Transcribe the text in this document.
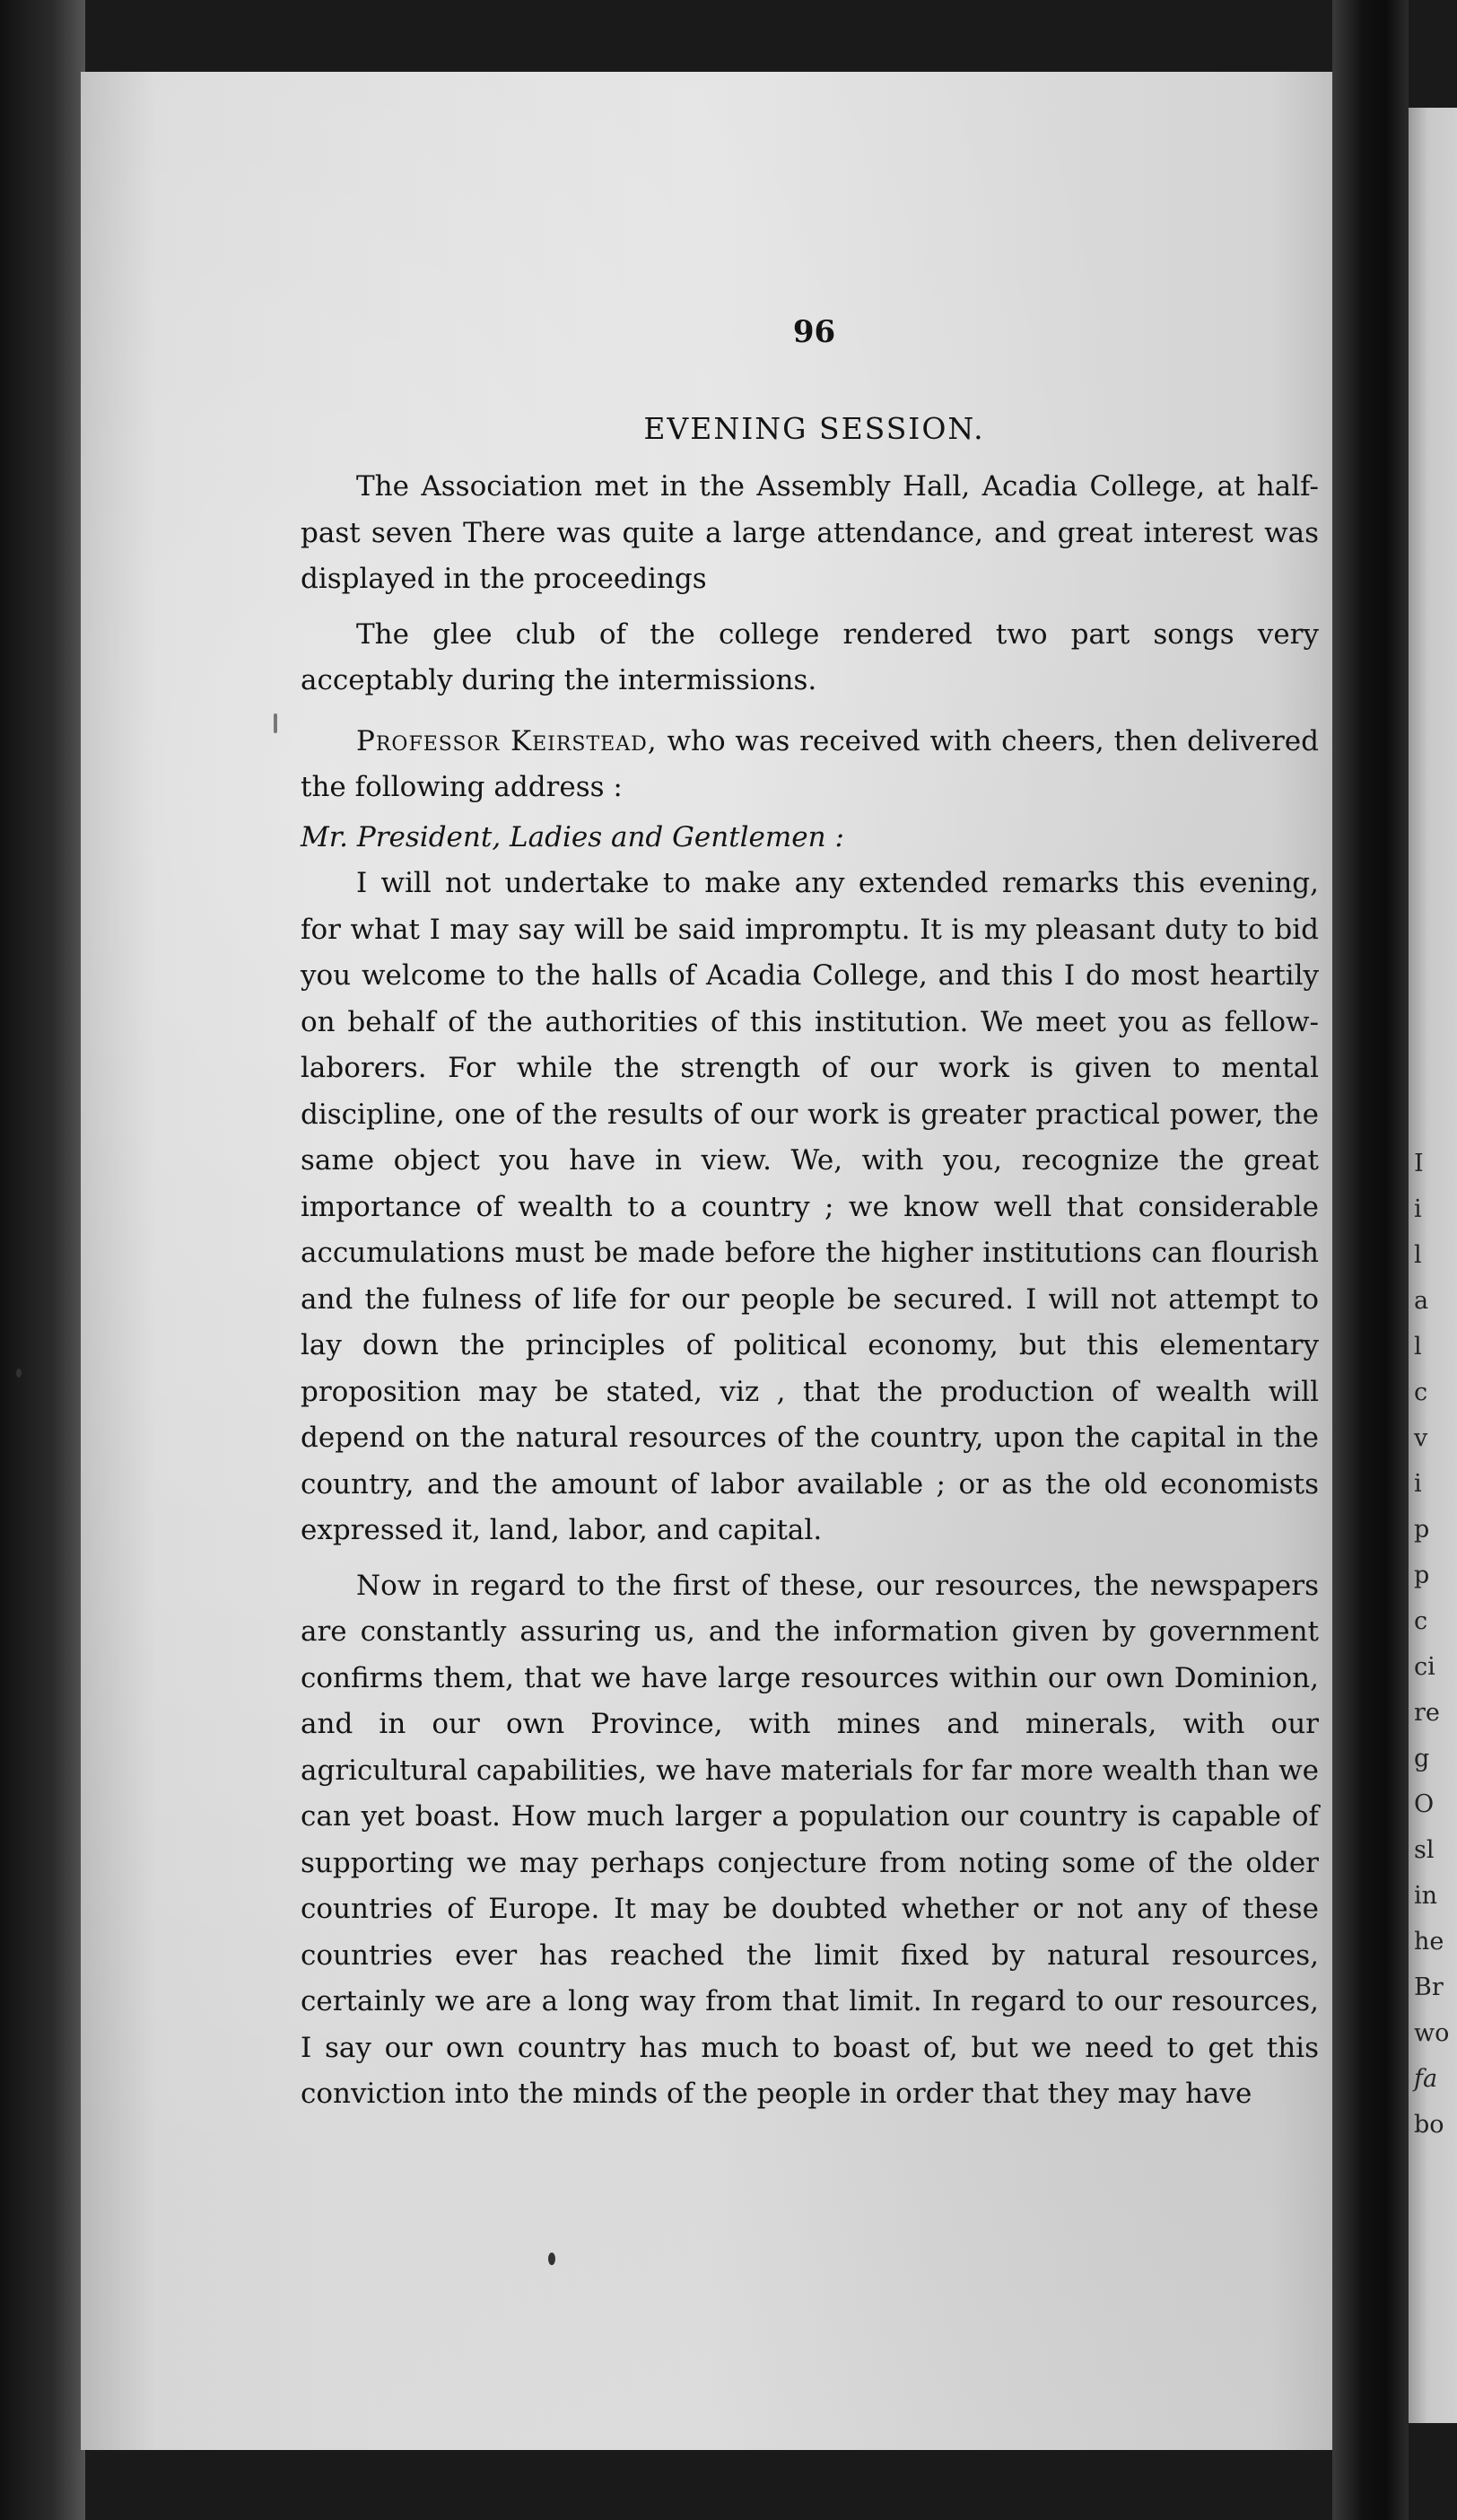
I
i
l
a
l
c
v
i
p
p
c
ci
re
g
O
sl
in
he
Br
wo
fa
bo
96
EVENING SESSION.

The Association met in the Assembly Hall, Acadia College, at half-past seven There was quite a large attendance, and great interest was displayed in the proceedings

The glee club of the college rendered two part songs very acceptably during the intermissions.

Professor Keirstead, who was received with cheers, then delivered the following address :

Mr. President, Ladies and Gentlemen :

I will not undertake to make any extended remarks this evening, for what I may say will be said impromptu. It is my pleasant duty to bid you welcome to the halls of Acadia College, and this I do most heartily on behalf of the authorities of this institution. We meet you as fellow-laborers. For while the strength of our work is given to mental discipline, one of the results of our work is greater practical power, the same object you have in view. We, with you, recognize the great importance of wealth to a country ; we know well that considerable accumulations must be made before the higher institutions can flourish and the fulness of life for our people be secured. I will not attempt to lay down the principles of political economy, but this elementary proposition may be stated, viz , that the production of wealth will depend on the natural resources of the country, upon the capital in the country, and the amount of labor available ; or as the old economists expressed it, land, labor, and capital.

Now in regard to the first of these, our resources, the newspapers are constantly assuring us, and the information given by government confirms them, that we have large resources within our own Dominion, and in our own Province, with mines and minerals, with our agricultural capabilities, we have materials for far more wealth than we can yet boast. How much larger a population our country is capable of supporting we may perhaps conjecture from noting some of the older countries of Europe. It may be doubted whether or not any of these countries ever has reached the limit fixed by natural resources, certainly we are a long way from that limit. In regard to our resources, I say our own country has much to boast of, but we need to get this conviction into the minds of the people in order that they may have
